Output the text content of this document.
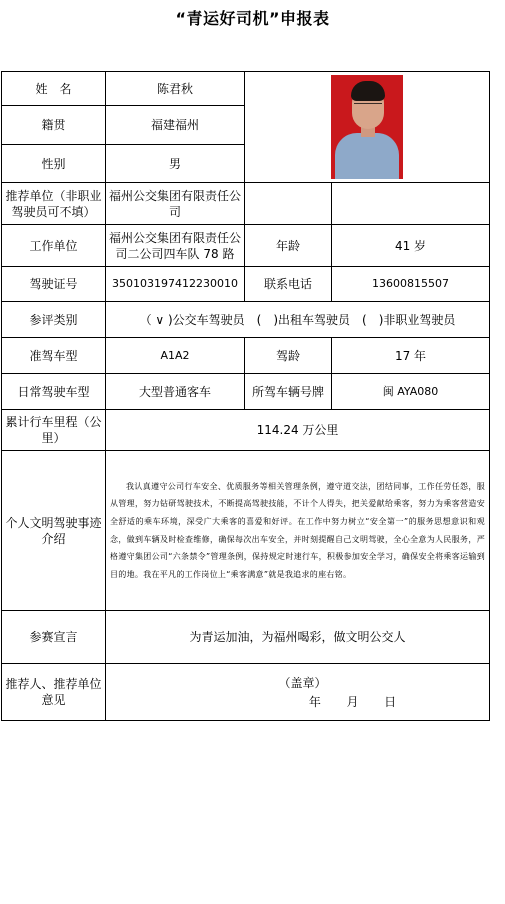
“青运好司机”申报表
姓　名	陈君秋		

籍贯	福建福州		
性别	男		
推荐单位（非职业驾驶员可不填）	福州公交集团有限责任公司		
工作单位	福州公交集团有限责任公司二公司四车队 78 路	年龄	41 岁
驾驶证号	350103197412230010	联系电话	13600815507
参评类别	（ ∨ )公交车驾驶员　(　)出租车驾驶员　(　)非职业驾驶员		
准驾车型	A1A2	驾龄	17 年
日常驾驶车型	大型普通客车	所驾车辆号牌	闽 AYA080
累计行车里程（公里）	114.24 万公里		
个人文明驾驶事迹介绍	我认真遵守公司行车安全、优质服务等相关管理条例，遵守道交法，团结同事，工作任劳任怨，服从管理，努力钻研驾驶技术，不断提高驾驶技能，不计个人得失，把关爱献给乘客，努力为乘客营造安全舒适的乘车环境，深受广大乘客的喜爱和好评。在工作中努力树立“安全第一”的服务思想意识和观念，做到车辆及时检查维修，确保每次出车安全，并时刻提醒自己文明驾驶，全心全意为人民服务，严格遵守集团公司“六条禁令”管理条例，保持规定时速行车，积极参加安全学习，确保安全将乘客运输到目的地。我在平凡的工作岗位上“乘客满意”就是我追求的座右铭。		
参赛宣言	为青运加油，为福州喝彩，做文明公交人		
推荐人、推荐单位意见	（盖章）
年 月 日		
